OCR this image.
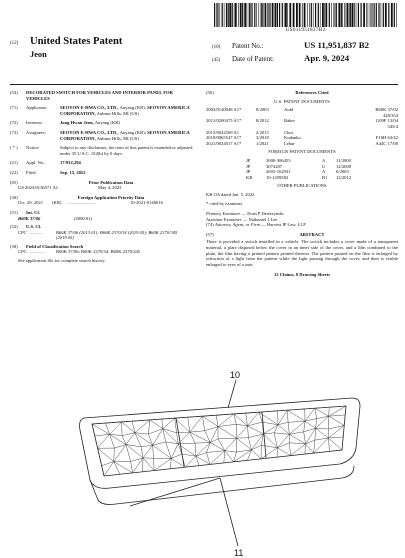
US011951837B2
(12)	United States Patent
Jeon
(10)	Patent No.:	US 11,951,837 B2
(45)	Date of Patent:	Apr. 9, 2024
(54)	DECORATED SWITCH FOR VEHICLES AND INTERIOR PANEL FOR VEHICLES
(71)	Applicants:	SEOYON E-HWA CO., LTD., Anyang (KR); SEOYON AMERICA CORPORATION, Auburn Hills, MI (US)
(72)	Inventor:	Jong Hwan Jeon, Anyang (KR)
(73)	Assignees:	SEOYON E-HWA CO., LTD., Anyang (KR); SEOYON AMERICA CORPORATION, Auburn Hills, MI (US)
( * )	Notice:	Subject to any disclaimer, the term of this patent is extended or adjusted under 35 U.S.C. 154(b) by 0 days.
(21)	Appl. No.:	17/932,294
(22)	Filed:	Sep. 15, 2022
(65)	Prior Publication Data
US 2023/0136371 A1	May 4, 2023
(30)	Foreign Application Priority Data
Oct. 29, 2021	(KR)	........................	10-2021-0146616
(51)	Int. Cl.
B60K 37/06	(2006.01)
(52)	U.S. Cl.
CPC ...........	B60K 37/06 (2013.01); B60K 2370/34 (2019.05); B60K 2370/345 (2019.05)
(58)	Field of Classification Search
CPC ............	B60K 37/06; B60K 2370/34; B60K 2370/345
See application file for complete search history.
(56)	References Cited
U.S. PATENT DOCUMENTS
2003/0140048 A1*	8/2003	Auld	B60K 37/02
428/354
2012/0200475 A1*	8/2012	Baker	G09F 13/04
345/4
2015/0042569 A1	2/2015	Choi
2018/0065547 A1*	3/2018	Kudanko	F16H 63/42
2021/0024017 A1*	1/2021	Lebar	A44C 17/00
FOREIGN PATENT DOCUMENTS
JP	2000-306453	A	11/2000
JP	3074287	U	12/2000
JP	2003-162931	A	6/2003
KR	10-1209582	B1	12/2012
OTHER PUBLICATIONS
KR OA dated Jan. 5, 2022.
* cited by examiner
Primary Examiner — Evan P Dzierzynski
Assistant Examiner — Nathaniel J Lee
(74) Attorney, Agent, or Firm — Harvest IP Law, LLP
(57)	ABSTRACT
There is provided a switch installed in a vehicle. The switch includes a cover made of a transparent material, a plate disposed below the cover in an inner side of the cover, and a film combined to the plate, the film having a printed pattern printed thereon. The pattern printed on the film is enlarged by refraction of a light from the pattern while the light passing through the cover, and then is visible enlarged to eyes of a user.
12 Claims, 8 Drawing Sheets
10
11
